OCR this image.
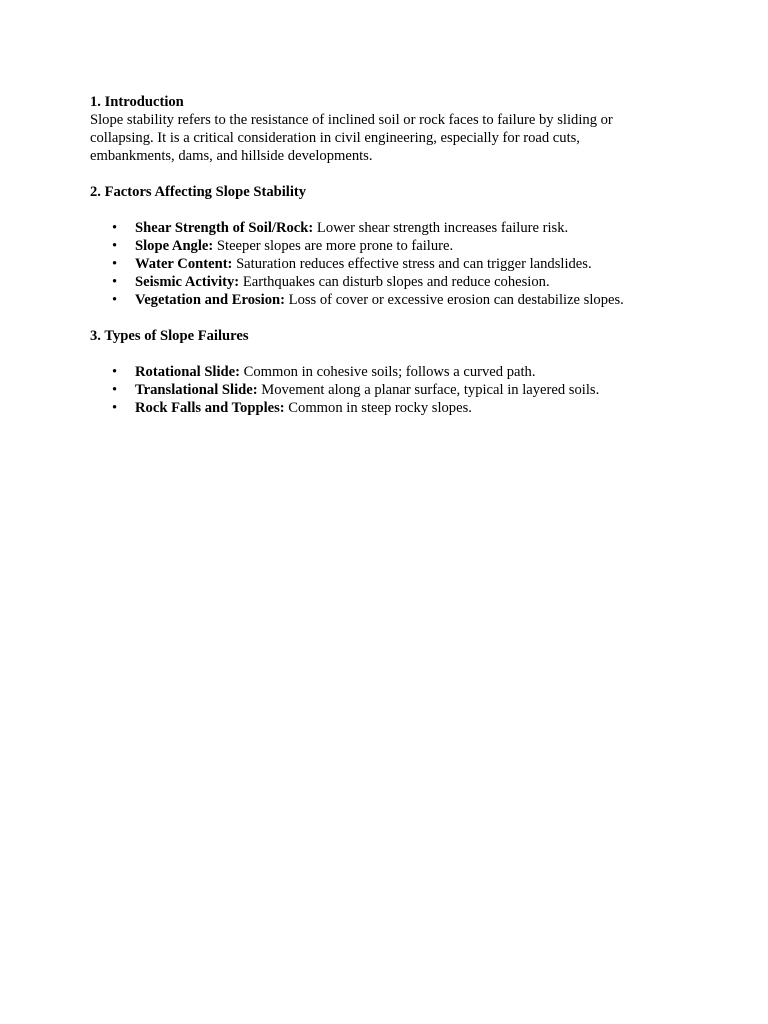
1. Introduction

Slope stability refers to the resistance of inclined soil or rock faces to failure by sliding or collapsing. It is a critical consideration in civil engineering, especially for road cuts, embankments, dams, and hillside developments.

2. Factors Affecting Slope Stability

• Shear Strength of Soil/Rock: Lower shear strength increases failure risk.
• Slope Angle: Steeper slopes are more prone to failure.
• Water Content: Saturation reduces effective stress and can trigger landslides.
• Seismic Activity: Earthquakes can disturb slopes and reduce cohesion.
• Vegetation and Erosion: Loss of cover or excessive erosion can destabilize slopes.

3. Types of Slope Failures

• Rotational Slide: Common in cohesive soils; follows a curved path.
• Translational Slide: Movement along a planar surface, typical in layered soils.
• Rock Falls and Topples: Common in steep rocky slopes.
